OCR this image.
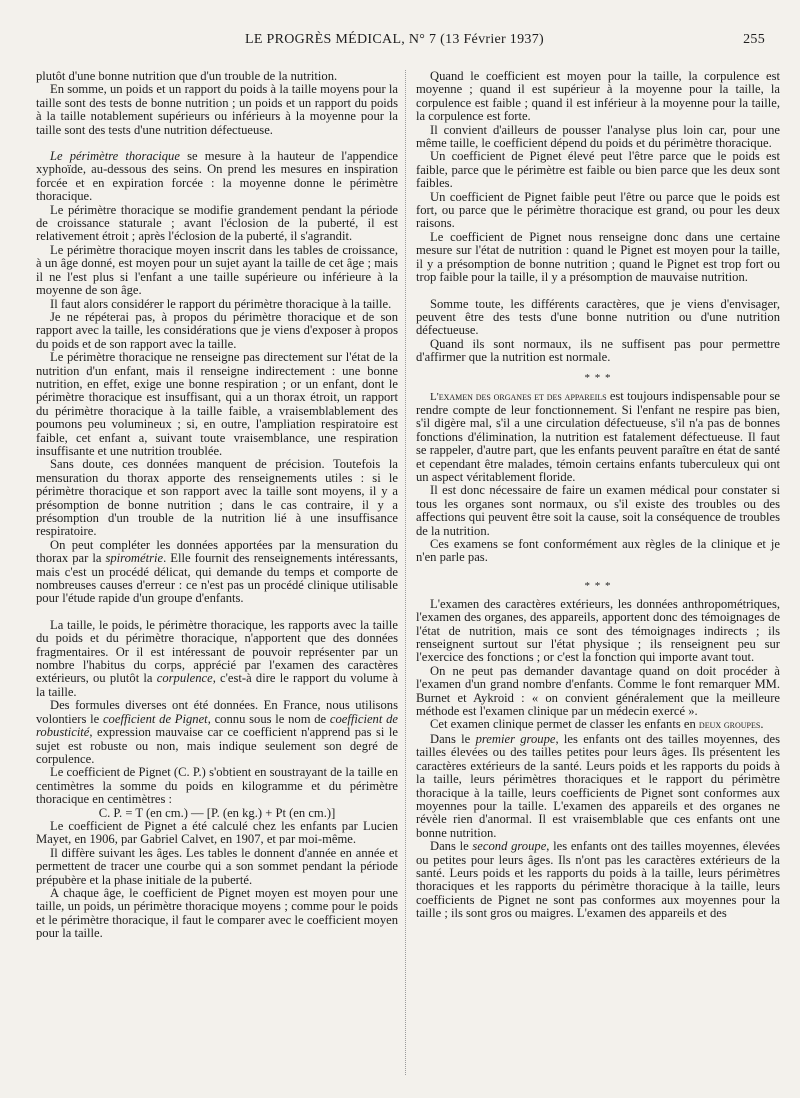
LE PROGRÈS MÉDICAL, N° 7 (13 Février 1937)	255

plutôt d'une bonne nutrition que d'un trouble de la nutrition.

En somme, un poids et un rapport du poids à la taille moyens pour la taille sont des tests de bonne nutrition ; un poids et un rapport du poids à la taille notablement supérieurs ou inférieurs à la moyenne pour la taille sont des tests d'une nutrition défectueuse.

Le périmètre thoracique se mesure à la hauteur de l'appendice xyphoïde, au-dessous des seins. On prend les mesures en inspiration forcée et en expiration forcée : la moyenne donne le périmètre thoracique.

Le périmètre thoracique se modifie grandement pendant la période de croissance staturale ; avant l'éclosion de la puberté, il est relativement étroit ; après l'éclosion de la puberté, il s'agrandit.

Le périmètre thoracique moyen inscrit dans les tables de croissance, à un âge donné, est moyen pour un sujet ayant la taille de cet âge ; mais il ne l'est plus si l'enfant a une taille supérieure ou inférieure à la moyenne de son âge.

Il faut alors considérer le rapport du périmètre thoracique à la taille.

Je ne répéterai pas, à propos du périmètre thoracique et de son rapport avec la taille, les considérations que je viens d'exposer à propos du poids et de son rapport avec la taille.

Le périmètre thoracique ne renseigne pas directement sur l'état de la nutrition d'un enfant, mais il renseigne indirectement : une bonne nutrition, en effet, exige une bonne respiration ; or un enfant, dont le périmètre thoracique est insuffisant, qui a un thorax étroit, un rapport du périmètre thoracique à la taille faible, a vraisemblablement des poumons peu volumineux ; si, en outre, l'ampliation respiratoire est faible, cet enfant a, suivant toute vraisemblance, une respiration insuffisante et une nutrition troublée.

Sans doute, ces données manquent de précision. Toutefois la mensuration du thorax apporte des renseignements utiles : si le périmètre thoracique et son rapport avec la taille sont moyens, il y a présomption de bonne nutrition ; dans le cas contraire, il y a présomption d'un trouble de la nutrition lié à une insuffisance respiratoire.

On peut compléter les données apportées par la mensuration du thorax par la spirométrie. Elle fournit des renseignements intéressants, mais c'est un procédé délicat, qui demande du temps et comporte de nombreuses causes d'erreur : ce n'est pas un procédé clinique utilisable pour l'étude rapide d'un groupe d'enfants.

La taille, le poids, le périmètre thoracique, les rapports avec la taille du poids et du périmètre thoracique, n'apportent que des données fragmentaires. Or il est intéressant de pouvoir représenter par un nombre l'habitus du corps, apprécié par l'examen des caractères extérieurs, ou plutôt la corpulence, c'est-à dire le rapport du volume à la taille.

Des formules diverses ont été données. En France, nous utilisons volontiers le coefficient de Pignet, connu sous le nom de coefficient de robusticité, expression mauvaise car ce coefficient n'apprend pas si le sujet est robuste ou non, mais indique seulement son degré de corpulence.

Le coefficient de Pignet (C. P.) s'obtient en soustrayant de la taille en centimètres la somme du poids en kilogramme et du périmètre thoracique en centimètres :

C. P. = T (en cm.) — [P. (en kg.) + Pt (en cm.)]

Le coefficient de Pignet a été calculé chez les enfants par Lucien Mayet, en 1906, par Gabriel Calvet, en 1907, et par moi-même.

Il diffère suivant les âges. Les tables le donnent d'année en année et permettent de tracer une courbe qui a son sommet pendant la période prépubère et la phase initiale de la puberté.

A chaque âge, le coefficient de Pignet moyen est moyen pour une taille, un poids, un périmètre thoracique moyens ; comme pour le poids et le périmètre thoracique, il faut le comparer avec le coefficient moyen pour la taille.

Quand le coefficient est moyen pour la taille, la corpulence est moyenne ; quand il est supérieur à la moyenne pour la taille, la corpulence est faible ; quand il est inférieur à la moyenne pour la taille, la corpulence est forte.

Il convient d'ailleurs de pousser l'analyse plus loin car, pour une même taille, le coefficient dépend du poids et du périmètre thoracique.

Un coefficient de Pignet élevé peut l'être parce que le poids est faible, parce que le périmètre est faible ou bien parce que les deux sont faibles.

Un coefficient de Pignet faible peut l'être ou parce que le poids est fort, ou parce que le périmètre thoracique est grand, ou pour les deux raisons.

Le coefficient de Pignet nous renseigne donc dans une certaine mesure sur l'état de nutrition : quand le Pignet est moyen pour la taille, il y a présomption de bonne nutrition ; quand le Pignet est trop fort ou trop faible pour la taille, il y a présomption de mauvaise nutrition.

Somme toute, les différents caractères, que je viens d'envisager, peuvent être des tests d'une bonne nutrition ou d'une nutrition défectueuse.

Quand ils sont normaux, ils ne suffisent pas pour permettre d'affirmer que la nutrition est normale.

* * *

L'examen des organes et des appareils est toujours indispensable pour se rendre compte de leur fonctionnement. Si l'enfant ne respire pas bien, s'il digère mal, s'il a une circulation défectueuse, s'il n'a pas de bonnes fonctions d'élimination, la nutrition est fatalement défectueuse. Il faut se rappeler, d'autre part, que les enfants peuvent paraître en état de santé et cependant être malades, témoin certains enfants tuberculeux qui ont un aspect véritablement floride.

Il est donc nécessaire de faire un examen médical pour constater si tous les organes sont normaux, ou s'il existe des troubles ou des affections qui peuvent être soit la cause, soit la conséquence de troubles de la nutrition.

Ces examens se font conformément aux règles de la clinique et je n'en parle pas.

* * *

L'examen des caractères extérieurs, les données anthropométriques, l'examen des organes, des appareils, apportent donc des témoignages de l'état de nutrition, mais ce sont des témoignages indirects ; ils renseignent surtout sur l'état physique ; ils renseignent peu sur l'exercice des fonctions ; or c'est la fonction qui importe avant tout.

On ne peut pas demander davantage quand on doit procéder à l'examen d'un grand nombre d'enfants. Comme le font remarquer MM. Burnet et Aykroid : « on convient généralement que la meilleure méthode est l'examen clinique par un médecin exercé ».

Cet examen clinique permet de classer les enfants en deux groupes.

Dans le premier groupe, les enfants ont des tailles moyennes, des tailles élevées ou des tailles petites pour leurs âges. Ils présentent les caractères extérieurs de la santé. Leurs poids et les rapports du poids à la taille, leurs périmètres thoraciques et le rapport du périmètre thoracique à la taille, leurs coefficients de Pignet sont conformes aux moyennes pour la taille. L'examen des appareils et des organes ne révèle rien d'anormal. Il est vraisemblable que ces enfants ont une bonne nutrition.

Dans le second groupe, les enfants ont des tailles moyennes, élevées ou petites pour leurs âges. Ils n'ont pas les caractères extérieurs de la santé. Leurs poids et les rapports du poids à la taille, leurs périmètres thoraciques et les rapports du périmètre thoracique à la taille, leurs coefficients de Pignet ne sont pas conformes aux moyennes pour la taille ; ils sont gros ou maigres. L'examen des appareils et des
